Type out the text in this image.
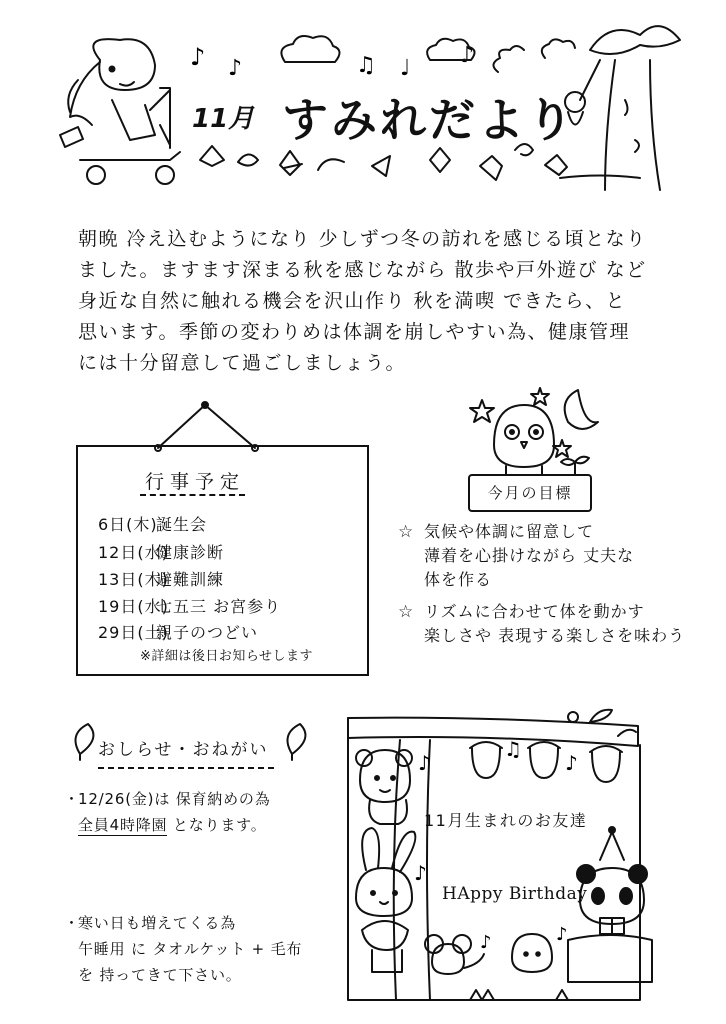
♪ ♪	♫ ♩
♪
11月 すみれだより

朝晩 冷え込むようになり 少しずつ冬の訪れを感じる頃となり

ました。ますます深まる秋を感じながら 散歩や戸外遊び など

身近な自然に触れる機会を沢山作り 秋を満喫 できたら、と

思います。季節の変わりめは体調を崩しやすい為、健康管理

には十分留意して過ごしましょう。

行事予定
6日(木)誕生会
12日(水)健康診断
13日(木)避難訓練
19日(水)七五三 お宮参り
29日(土)親子のつどい
※詳細は後日お知らせします
今月の目標
☆ 気候や体調に留意して
薄着を心掛けながら 丈夫な
体を作る
☆ リズムに合わせて体を動かす
楽しさや 表現する楽しさを味わう
おしらせ・おねがい
・
12/26(金)は 保育納めの為
全員4時降園 となります。
・
寒い日も増えてくる為
午睡用 に タオルケット + 毛布
を 持ってきて下さい。
♪
♫
♪
♪
♪	♪
11月生まれのお友達
HAppy Birthday
